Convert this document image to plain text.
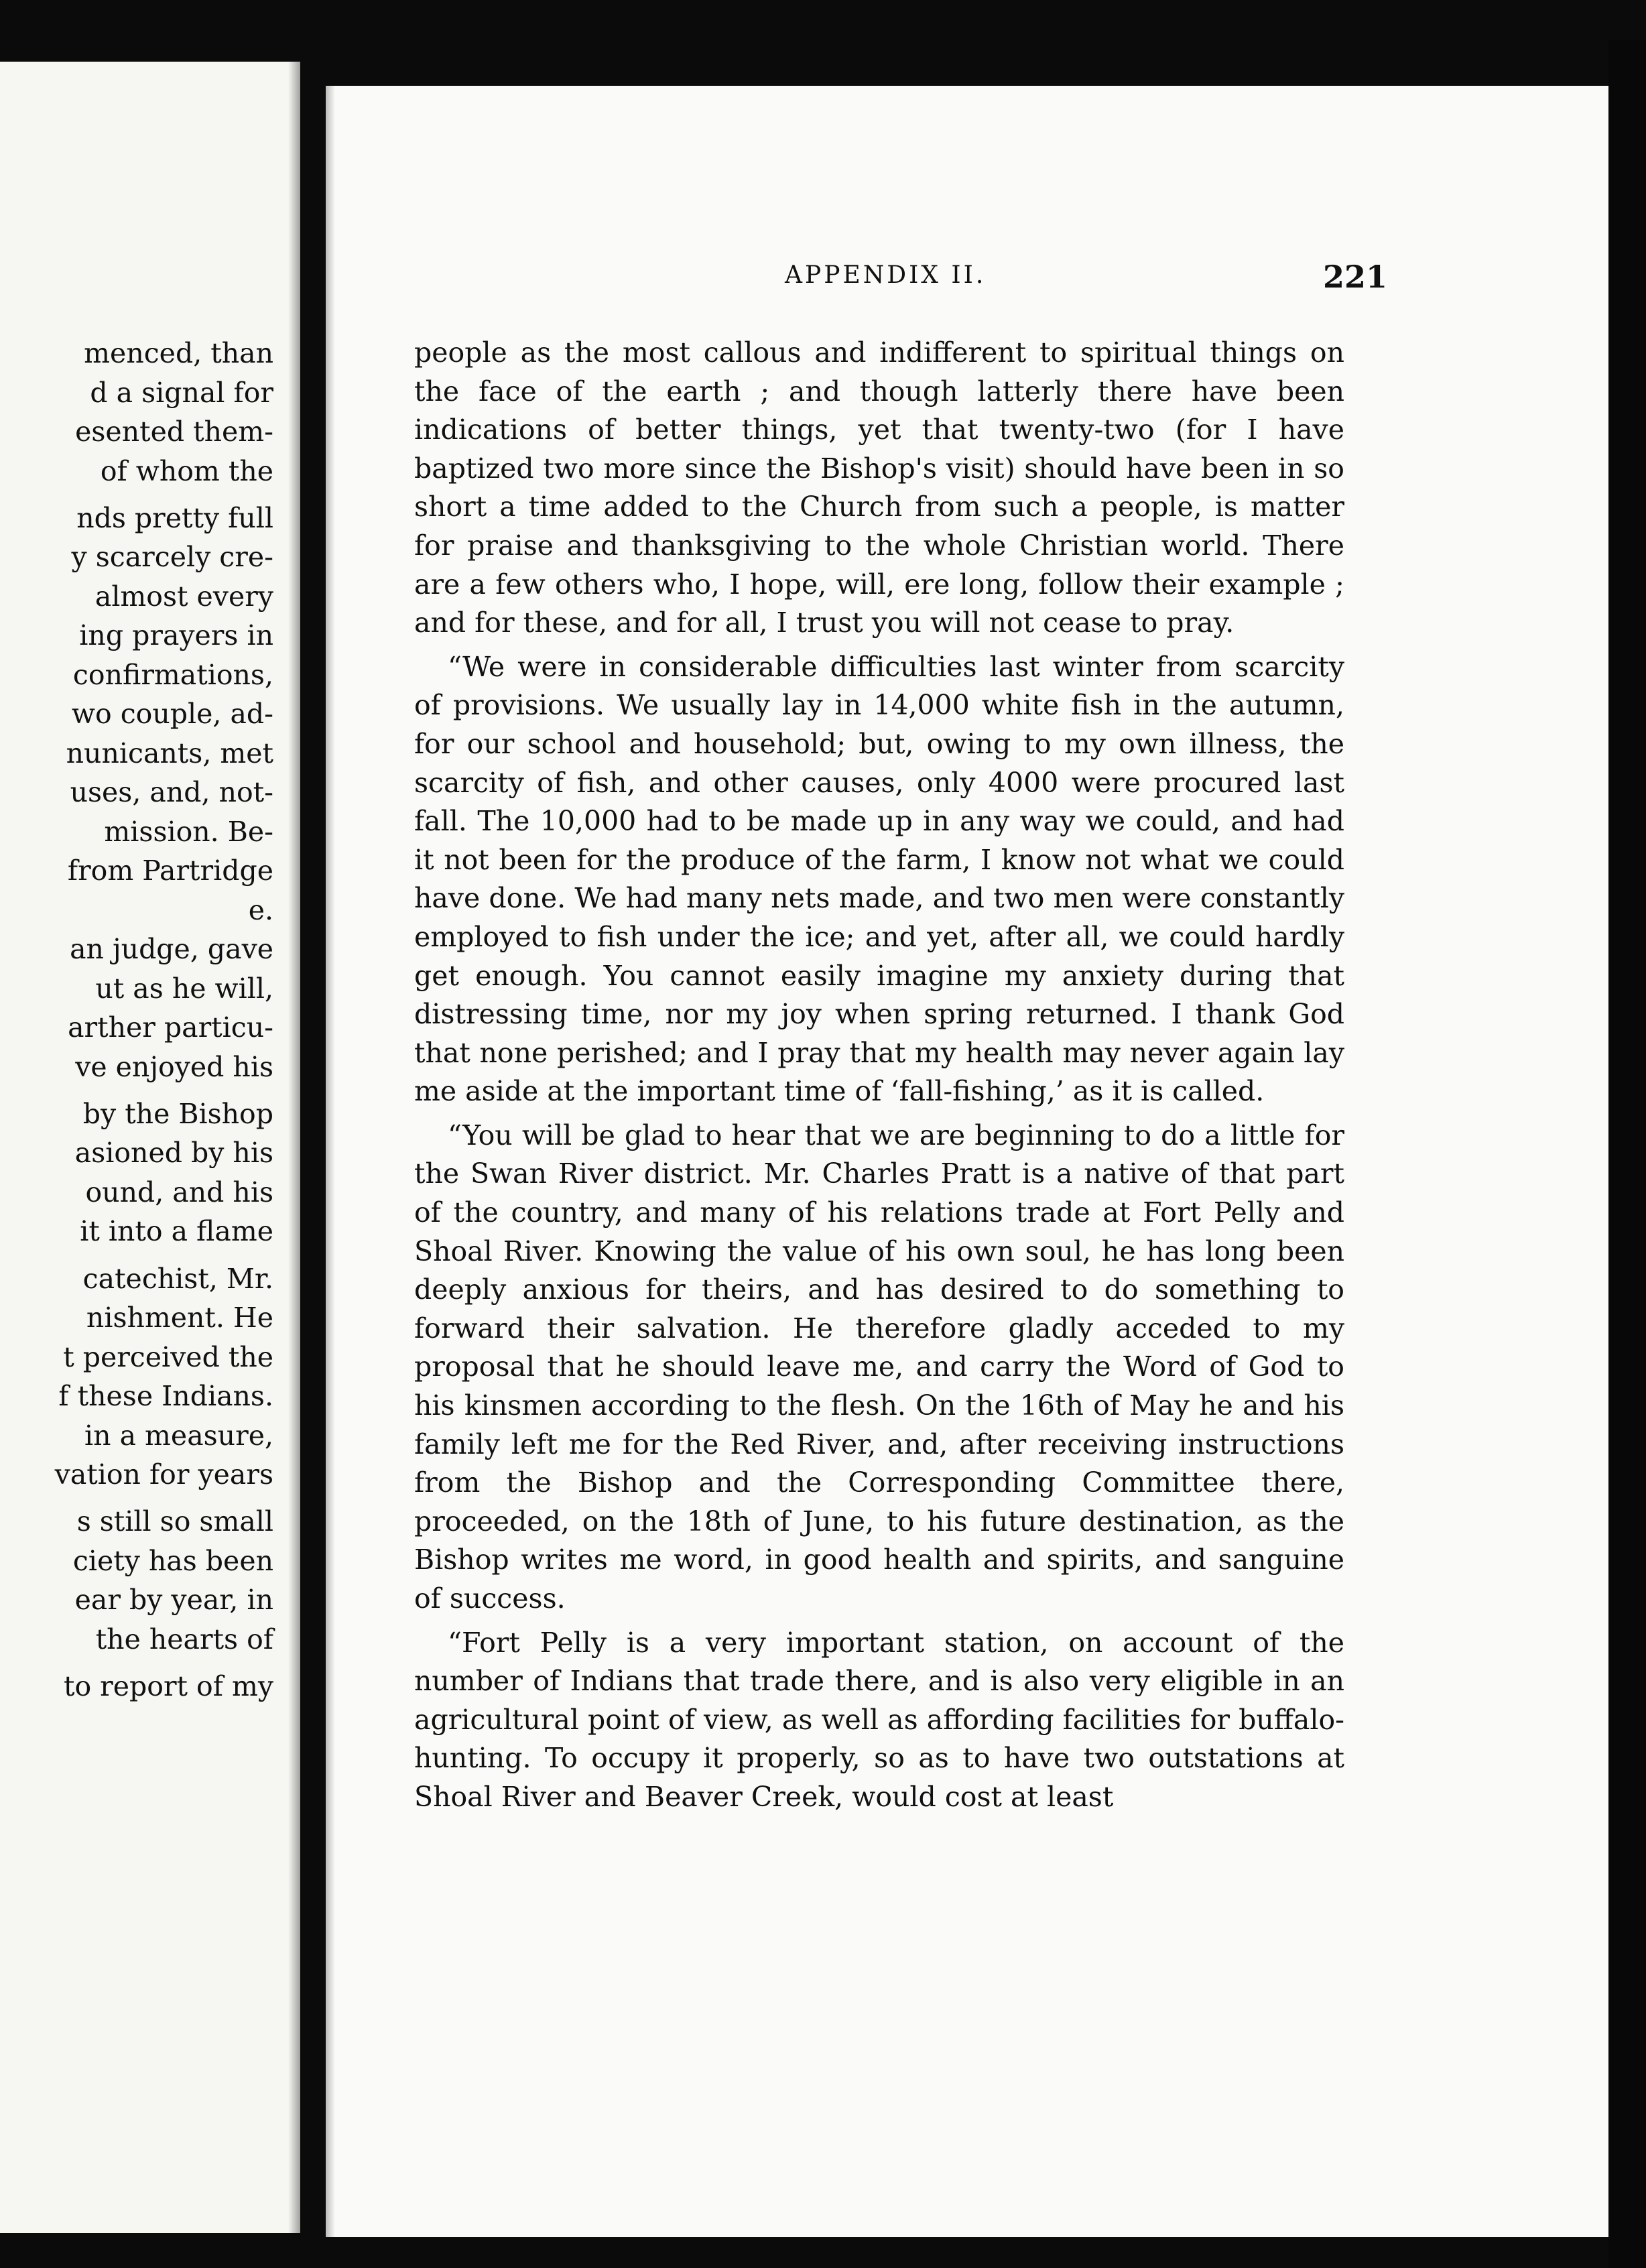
menced, than
d a signal for
esented them-
of whom the
nds pretty full
y scarcely cre-
almost every
ing prayers in
confirmations,
wo couple, ad-
nunicants, met
uses, and, not-
mission. Be-
from Partridge
e.
an judge, gave
ut as he will,
arther particu-
ve enjoyed his
by the Bishop
asioned by his
ound, and his
it into a flame
catechist, Mr.
nishment. He
t perceived the
f these Indians.
in a measure,
vation for years
s still so small
ciety has been
ear by year, in
the hearts of
to report of my
APPENDIX II.	221

people as the most callous and indifferent to spiritual things on the face of the earth ; and though latterly there have been indications of better things, yet that twenty-two (for I have baptized two more since the Bishop's visit) should have been in so short a time added to the Church from such a people, is matter for praise and thanksgiving to the whole Christian world. There are a few others who, I hope, will, ere long, follow their example ; and for these, and for all, I trust you will not cease to pray.

“We were in considerable difficulties last winter from scarcity of provisions. We usually lay in 14,000 white fish in the autumn, for our school and household; but, owing to my own illness, the scarcity of fish, and other causes, only 4000 were procured last fall. The 10,000 had to be made up in any way we could, and had it not been for the produce of the farm, I know not what we could have done. We had many nets made, and two men were constantly employed to fish under the ice; and yet, after all, we could hardly get enough. You cannot easily imagine my anxiety during that distressing time, nor my joy when spring returned. I thank God that none perished; and I pray that my health may never again lay me aside at the important time of ‘fall-fishing,’ as it is called.

“You will be glad to hear that we are beginning to do a little for the Swan River district. Mr. Charles Pratt is a native of that part of the country, and many of his relations trade at Fort Pelly and Shoal River. Knowing the value of his own soul, he has long been deeply anxious for theirs, and has desired to do something to forward their salvation. He therefore gladly acceded to my proposal that he should leave me, and carry the Word of God to his kinsmen according to the flesh. On the 16th of May he and his family left me for the Red River, and, after receiving instructions from the Bishop and the Corresponding Committee there, proceeded, on the 18th of June, to his future destination, as the Bishop writes me word, in good health and spirits, and sanguine of success.

“Fort Pelly is a very important station, on account of the number of Indians that trade there, and is also very eligible in an agricultural point of view, as well as affording facilities for buffalo-hunting. To occupy it properly, so as to have two outstations at Shoal River and Beaver Creek, would cost at least
